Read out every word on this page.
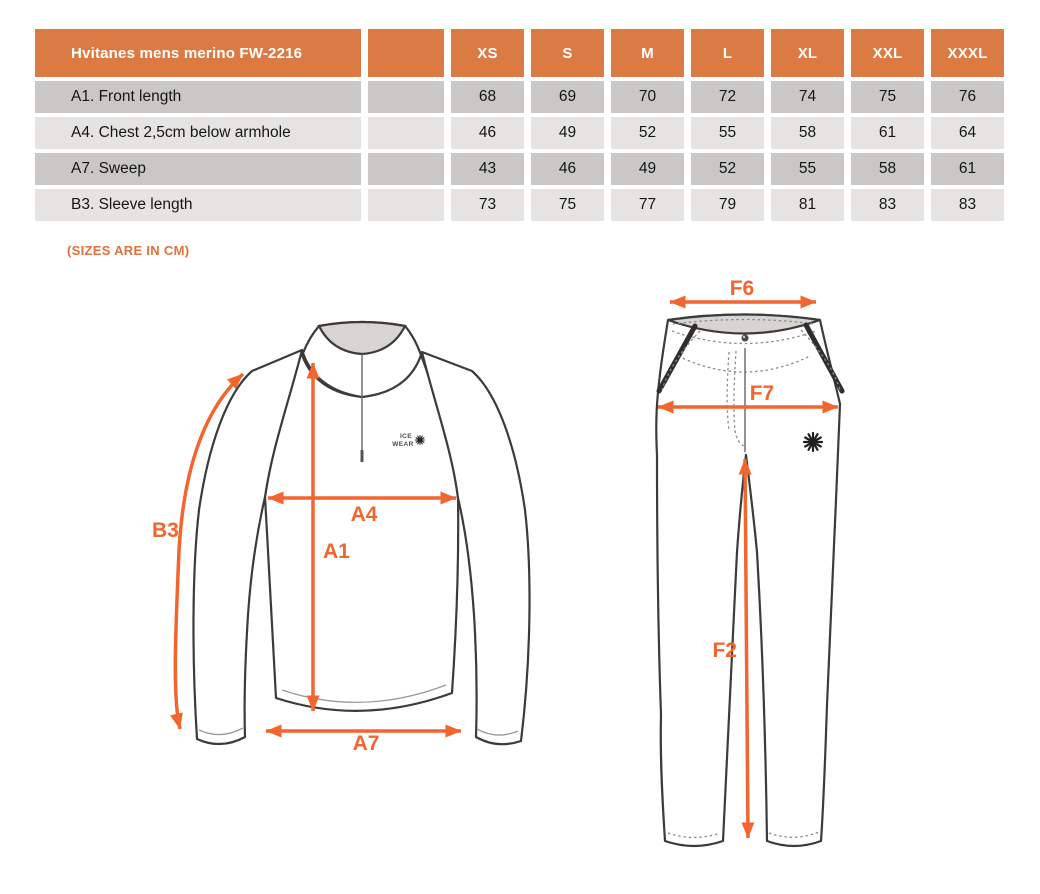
Hvitanes mens merino FW-2216	XS	S	M	L	XL	XXL	XXXL
A1. Front length	68	69	70	72	74	75	76
A4. Chest 2,5cm below armhole	46	49	52	55	58	61	64
A7. Sweep	43	46	49	52	55	58	61
B3. Sleeve length	73	75	77	79	81	83	83
(SIZES ARE IN CM)
ICE
WEAR
B3
A4
A1
A7
F6
F7
F2
